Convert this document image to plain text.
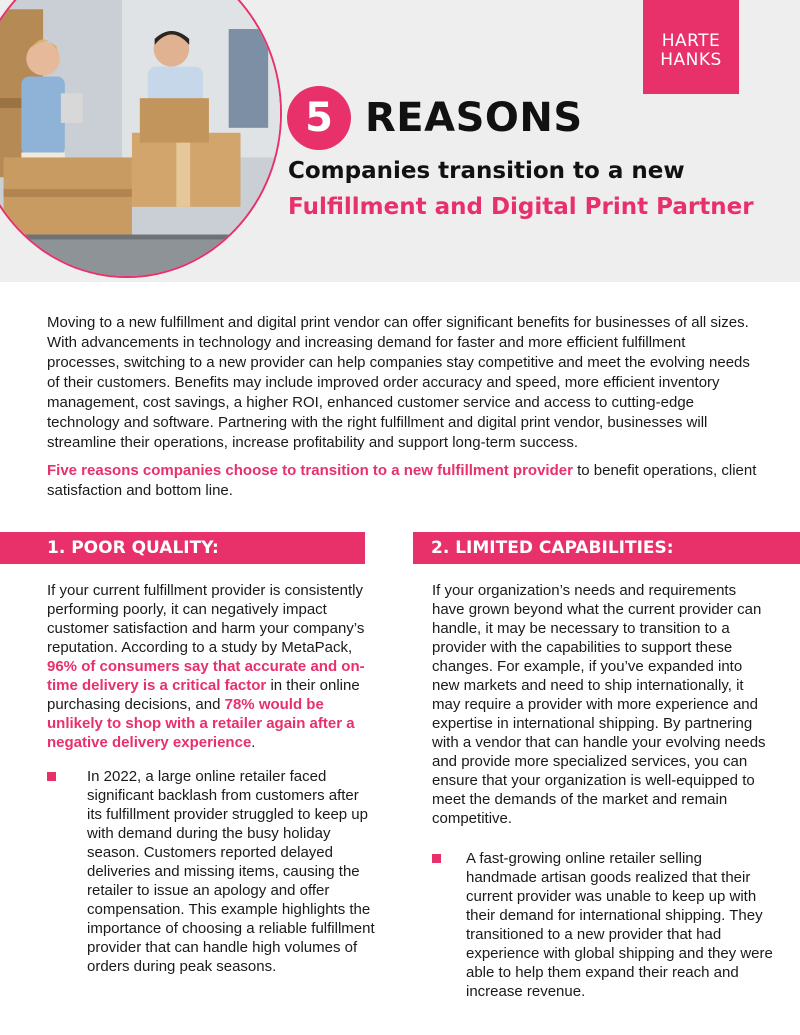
HARTE
HANKS
5 REASONS
Companies transition to a new
Fulfillment and Digital Print Partner

Moving to a new fulfillment and digital print vendor can offer significant benefits for businesses of all sizes. With advancements in technology and increasing demand for faster and more efficient fulfillment processes, switching to a new provider can help companies stay competitive and meet the evolving needs of their customers. Benefits may include improved order accuracy and speed, more efficient inventory management, cost savings, a higher ROI, enhanced customer service and access to cutting-edge technology and software. Partnering with the right fulfillment and digital print vendor, businesses will streamline their operations, increase profitability and support long-term success.

Five reasons companies choose to transition to a new fulfillment provider to benefit operations, client satisfaction and bottom line.

1. POOR QUALITY:	2. LIMITED CAPABILITIES:

If your current fulfillment provider is consistently performing poorly, it can negatively impact customer satisfaction and harm your company’s reputation. According to a study by MetaPack, 96% of consumers say that accurate and on-time delivery is a critical factor in their online purchasing decisions, and 78% would be unlikely to shop with a retailer again after a negative delivery experience.

In 2022, a large online retailer faced significant backlash from customers after its fulfillment provider struggled to keep up with demand during the busy holiday season. Customers reported delayed deliveries and missing items, causing the retailer to issue an apology and offer compensation. This example highlights the importance of choosing a reliable fulfillment provider that can handle high volumes of orders during peak seasons.

If your organization’s needs and requirements have grown beyond what the current provider can handle, it may be necessary to transition to a provider with the capabilities to support these changes. For example, if you’ve expanded into new markets and need to ship internationally, it may require a provider with more experience and expertise in international shipping. By partnering with a vendor that can handle your evolving needs and provide more specialized services, you can ensure that your organization is well-equipped to meet the demands of the market and remain competitive.

A fast-growing online retailer selling handmade artisan goods realized that their current provider was unable to keep up with their demand for international shipping. They transitioned to a new provider that had experience with global shipping and they were able to help them expand their reach and increase revenue.
